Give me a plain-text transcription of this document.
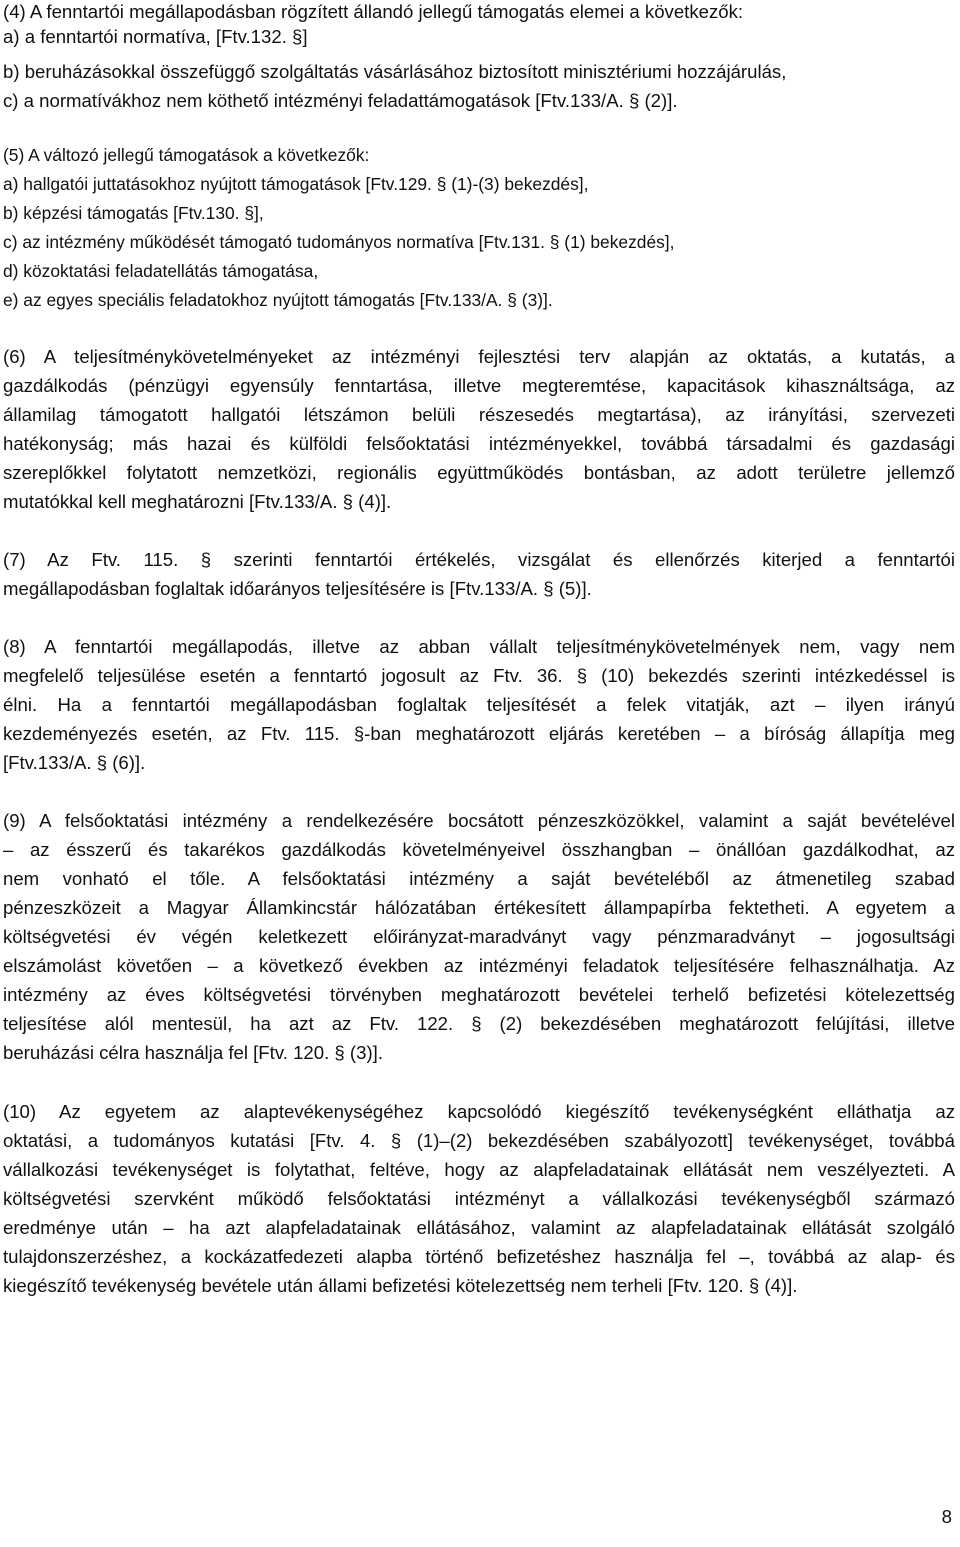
(4) A fenntartói megállapodásban rögzített állandó jellegű támogatás elemei a következők:
a) a fenntartói normatíva, [Ftv.132. §]
b) beruházásokkal összefüggő szolgáltatás vásárlásához biztosított minisztériumi hozzájárulás,
c) a normatívákhoz nem köthető intézményi feladattámogatások [Ftv.133/A. § (2)].
(5) A változó jellegű támogatások a következők:
a) hallgatói juttatásokhoz nyújtott támogatások [Ftv.129. § (1)-(3) bekezdés],
b) képzési támogatás [Ftv.130. §],
c) az intézmény működését támogató tudományos normatíva [Ftv.131. § (1) bekezdés],
d) közoktatási feladatellátás támogatása,
e) az egyes speciális feladatokhoz nyújtott támogatás [Ftv.133/A. § (3)].
(6) A teljesítménykövetelményeket az intézményi fejlesztési terv alapján az oktatás, a kutatás, a
gazdálkodás (pénzügyi egyensúly fenntartása, illetve megteremtése, kapacitások kihasználtsága, az
államilag támogatott hallgatói létszámon belüli részesedés megtartása), az irányítási, szervezeti
hatékonyság; más hazai és külföldi felsőoktatási intézményekkel, továbbá társadalmi és gazdasági
szereplőkkel folytatott nemzetközi, regionális együttműködés bontásban, az adott területre jellemző
mutatókkal kell meghatározni [Ftv.133/A. § (4)].
(7) Az Ftv. 115. § szerinti fenntartói értékelés, vizsgálat és ellenőrzés kiterjed a fenntartói
megállapodásban foglaltak időarányos teljesítésére is [Ftv.133/A. § (5)].
(8) A fenntartói megállapodás, illetve az abban vállalt teljesítménykövetelmények nem, vagy nem
megfelelő teljesülése esetén a fenntartó jogosult az Ftv. 36. § (10) bekezdés szerinti intézkedéssel is
élni. Ha a fenntartói megállapodásban foglaltak teljesítését a felek vitatják, azt – ilyen irányú
kezdeményezés esetén, az Ftv. 115. §-ban meghatározott eljárás keretében – a bíróság állapítja meg
[Ftv.133/A. § (6)].
(9) A felsőoktatási intézmény a rendelkezésére bocsátott pénzeszközökkel, valamint a saját bevételével
– az ésszerű és takarékos gazdálkodás követelményeivel összhangban – önállóan gazdálkodhat, az
nem vonható el tőle. A felsőoktatási intézmény a saját bevételéből az átmenetileg szabad
pénzeszközeit a Magyar Államkincstár hálózatában értékesített állampapírba fektetheti. A egyetem a
költségvetési év végén keletkezett előirányzat-maradványt vagy pénzmaradványt – jogosultsági
elszámolást követően – a következő években az intézményi feladatok teljesítésére felhasználhatja. Az
intézmény az éves költségvetési törvényben meghatározott bevételei terhelő befizetési kötelezettség
teljesítése alól mentesül, ha azt az Ftv. 122. § (2) bekezdésében meghatározott felújítási, illetve
beruházási célra használja fel [Ftv. 120. § (3)].
(10) Az egyetem az alaptevékenységéhez kapcsolódó kiegészítő tevékenységként elláthatja az
oktatási, a tudományos kutatási [Ftv. 4. § (1)–(2) bekezdésében szabályozott] tevékenységet, továbbá
vállalkozási tevékenységet is folytathat, feltéve, hogy az alapfeladatainak ellátását nem veszélyezteti. A
költségvetési szervként működő felsőoktatási intézményt a vállalkozási tevékenységből származó
eredménye után – ha azt alapfeladatainak ellátásához, valamint az alapfeladatainak ellátását szolgáló
tulajdonszerzéshez, a kockázatfedezeti alapba történő befizetéshez használja fel –, továbbá az alap- és
kiegészítő tevékenység bevétele után állami befizetési kötelezettség nem terheli [Ftv. 120. § (4)].
8
